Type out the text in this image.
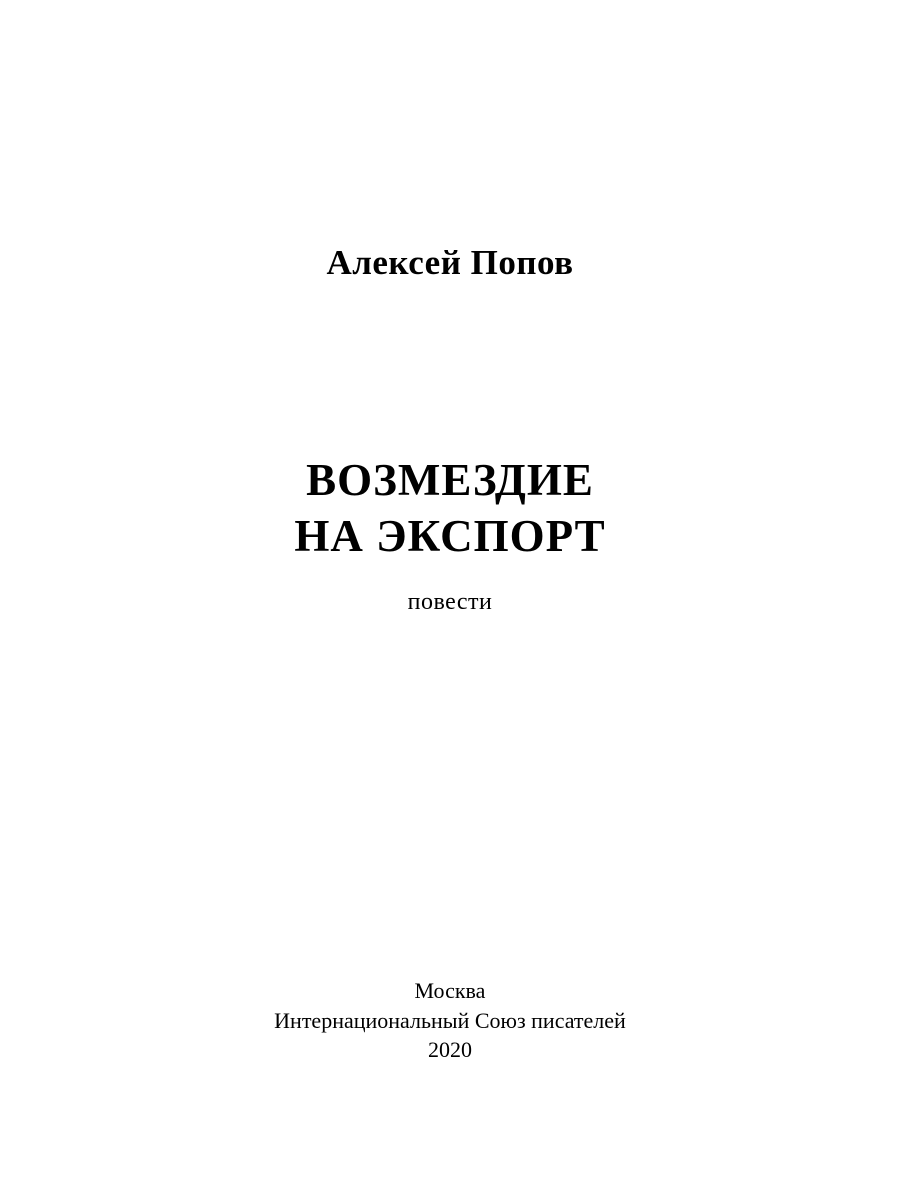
Алексей Попов
ВОЗМЕЗДИЕ
НА ЭКСПОРТ
повести
Москва
Интернациональный Союз писателей
2020
